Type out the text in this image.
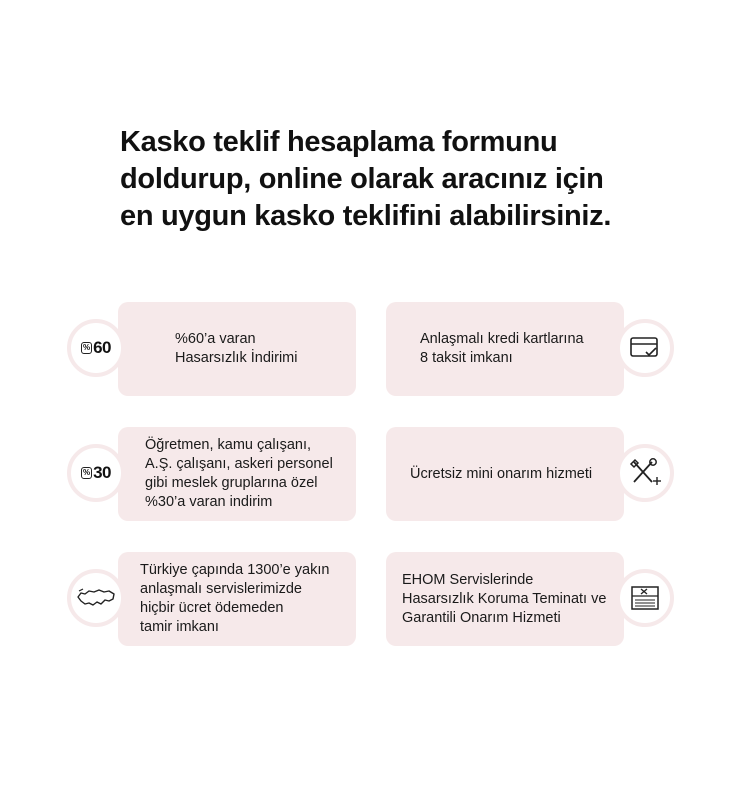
Kasko teklif hesaplama formunu
doldurup, online olarak aracınız için
en uygun kasko teklifini alabilirsiniz.
%60’a varan
Hasarsızlık İndirimi
% 60	Anlaşmalı kredi kartlarına
8 taksit imkanı
Öğretmen, kamu çalışanı,
A.Ş. çalışanı, askeri personel
gibi meslek gruplarına özel
%30’a varan indirim
% 30	Ücretsiz mini onarım hizmeti
Türkiye çapında 1300’e yakın
anlaşmalı servislerimizde
hiçbir ücret ödemeden
tamir imkanı
EHOM Servislerinde
Hasarsızlık Koruma Teminatı ve
Garantili Onarım Hizmeti
